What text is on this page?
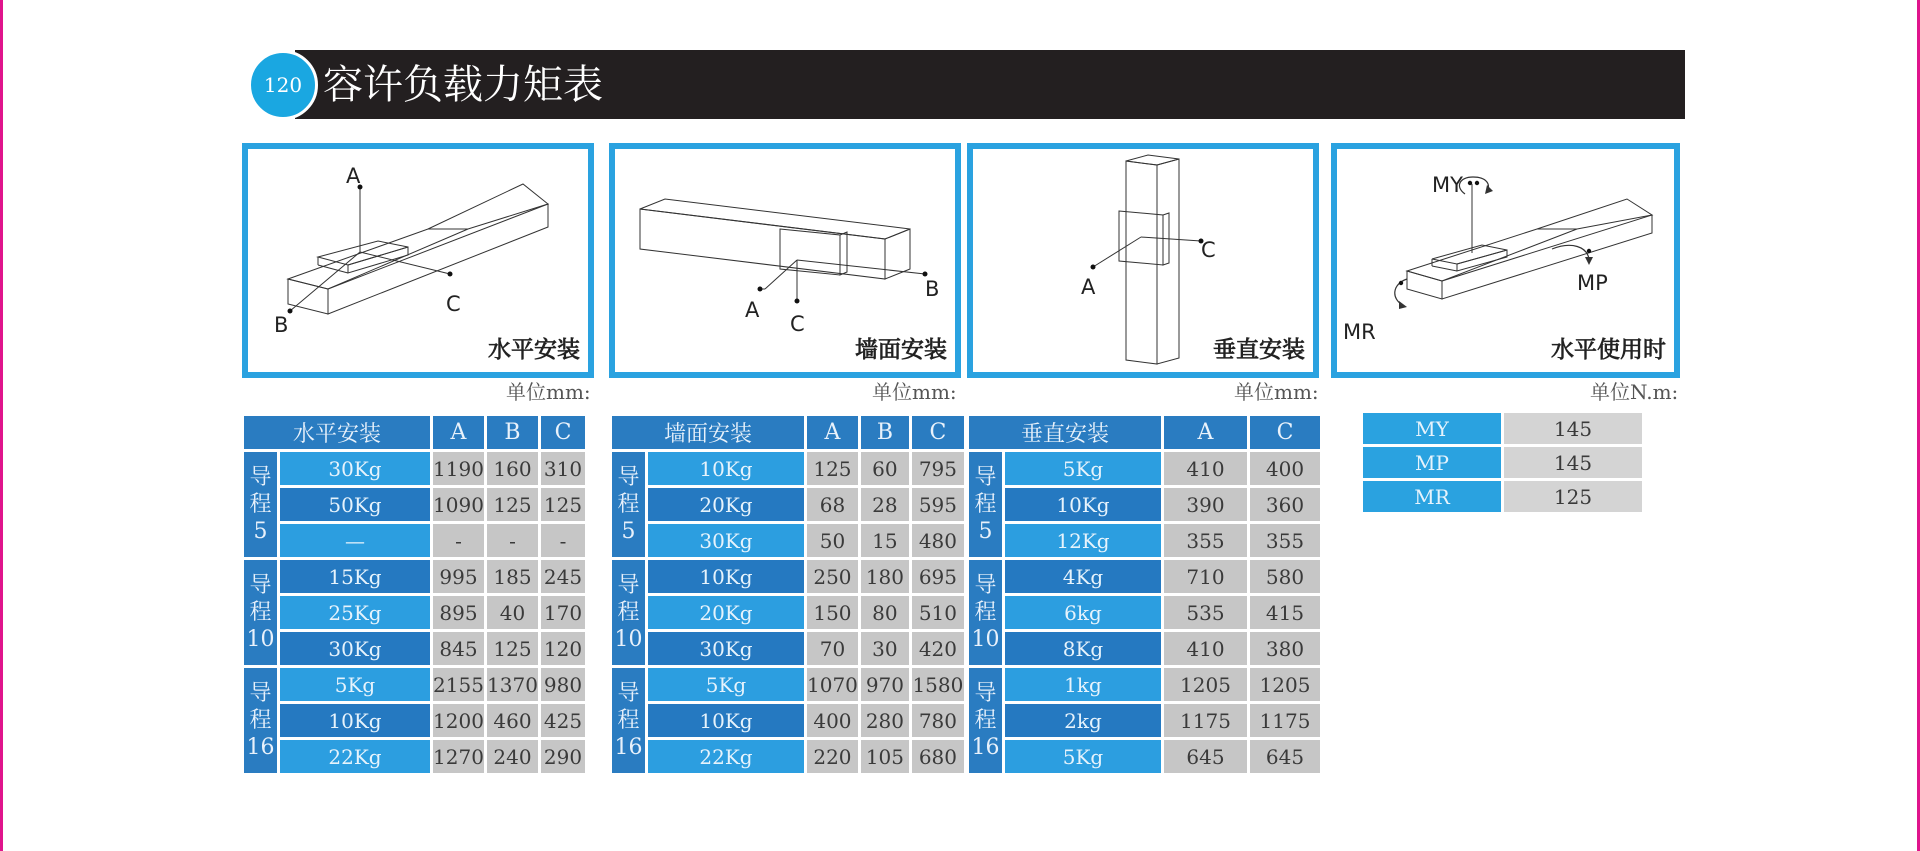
120 容许负载力矩表
A
B
C
水平安装
A
C
B
墙面安装
A
C
垂直安装
MY
MP
MR
水平使用时
单位mm:	单位mm:	单位mm:	单位N.m:
水平安装		A	B	C
导
程
5	30Kg	1190	160	310
	50Kg	1090	125	125
	—	-	-	-
导
程
10	15Kg	995	185	245
	25Kg	895	40	170
	30Kg	845	125	120
导
程
16	5Kg	2155	1370	980
	10Kg	1200	460	425
	22Kg	1270	240	290
墙面安装		A	B	C
导
程
5	10Kg	125	60	795
	20Kg	68	28	595
	30Kg	50	15	480
导
程
10	10Kg	250	180	695
	20Kg	150	80	510
	30Kg	70	30	420
导
程
16	5Kg	1070	970	1580
	10Kg	400	280	780
	22Kg	220	105	680
垂直安装		A	C
导
程
5	5Kg	410	400
	10Kg	390	360
	12Kg	355	355
导
程
10	4Kg	710	580
	6kg	535	415
	8Kg	410	380
导
程
16	1kg	1205	1205
	2kg	1175	1175
	5Kg	645	645
MY	145
MP	145
MR	125
